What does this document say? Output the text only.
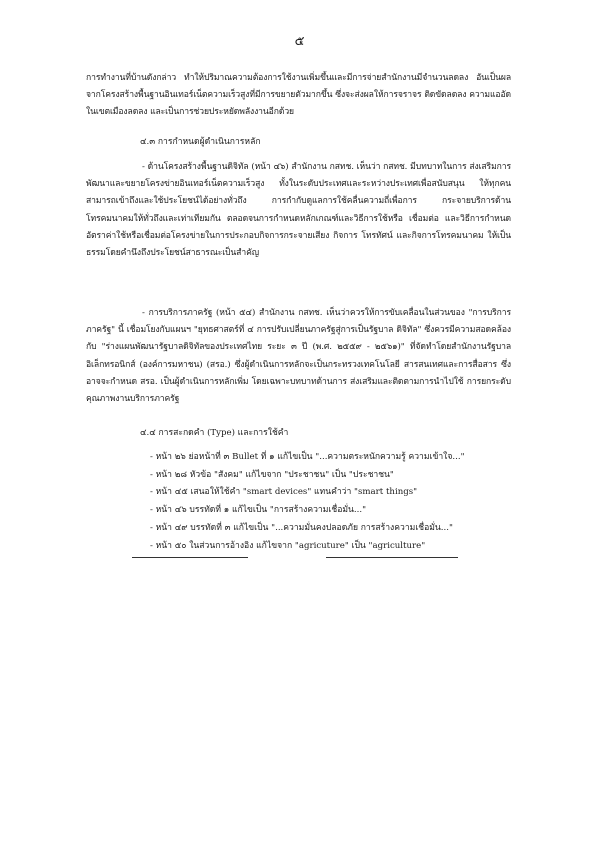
๕
การทำงานที่บ้านดังกล่าว ทำให้ปริมาณความต้องการใช้งานเพิ่มขึ้นและมีการจ่ายสำนักงานมีจำนวนลดลง อันเป็นผลจากโครงสร้างพื้นฐานอินเทอร์เน็ตความเร็วสูงที่มีการขยายตัวมากขึ้น ซึ่งจะส่งผลให้การจราจร ติดขัดลดลง ความแออัดในเขตเมืองลดลง และเป็นการช่วยประหยัดพลังงานอีกด้วย
๔.๓ การกำหนดผู้ดำเนินการหลัก
- ด้านโครงสร้างพื้นฐานดิจิทัล (หน้า ๔๖) สำนักงาน กสทช. เห็นว่า กสทช. มีบทบาทในการ ส่งเสริมการพัฒนาและขยายโครงข่ายอินเทอร์เน็ตความเร็วสูง ทั้งในระดับประเทศและระหว่างประเทศเพื่อสนับสนุน ให้ทุกคนสามารถเข้าถึงและใช้ประโยชน์ได้อย่างทั่วถึง การกำกับดูแลการใช้คลื่นความถี่เพื่อการ กระจายบริการด้านโทรคมนาคมให้ทั่วถึงและเท่าเทียมกัน ตลอดจนการกำหนดหลักเกณฑ์และวิธีการใช้หรือ เชื่อมต่อ และวิธีการกำหนดอัตราค่าใช้หรือเชื่อมต่อโครงข่ายในการประกอบกิจการกระจายเสียง กิจการ โทรทัศน์ และกิจการโทรคมนาคม ให้เป็นธรรมโดยคำนึงถึงประโยชน์สาธารณะเป็นสำคัญ
- การบริการภาครัฐ (หน้า ๕๔) สำนักงาน กสทช. เห็นว่าควรให้การขับเคลื่อนในส่วนของ "การบริการภาครัฐ" นี้ เชื่อมโยงกับแผนฯ "ยุทธศาสตร์ที่ ๔ การปรับเปลี่ยนภาครัฐสู่การเป็นรัฐบาล ดิจิทัล" ซึ่งควรมีความสอดคล้องกับ "ร่างแผนพัฒนารัฐบาลดิจิทัลของประเทศไทย ระยะ ๓ ปี (พ.ศ. ๒๕๕๙ - ๒๕๖๑)" ที่จัดทำโดยสำนักงานรัฐบาลอิเล็กทรอนิกส์ (องค์การมหาชน) (สรอ.) ซึ่งผู้ดำเนินการหลักจะเป็นกระทรวงเทคโนโลยี สารสนเทศและการสื่อสาร ซึ่งอาจจะกำหนด สรอ. เป็นผู้ดำเนินการหลักเพิ่ม โดยเฉพาะบทบาทด้านการ ส่งเสริมและติดตามการนำไปใช้ การยกระดับคุณภาพงานบริการภาครัฐ
๔.๔ การสะกดคำ (Type) และการใช้คำ
- หน้า ๒๖ ย่อหน้าที่ ๓ Bullet ที่ ๑ แก้ไขเป็น "...ความตระหนักความรู้ ความเข้าใจ..."
- หน้า ๒๘ หัวข้อ "สังคม" แก้ไขจาก "ประชาชน" เป็น "ประชาชน"
- หน้า ๔๕ เสนอให้ใช้คำ "smart devices" แทนคำว่า "smart things"
- หน้า ๔๖ บรรทัดที่ ๑ แก้ไขเป็น "การสร้างความเชื่อมั่น..."
- หน้า ๔๙ บรรทัดที่ ๓ แก้ไขเป็น "...ความมั่นคงปลอดภัย การสร้างความเชื่อมั่น..."
- หน้า ๕๐ ในส่วนการอ้างอิง แก้ไขจาก "agricuture" เป็น "agriculture"
